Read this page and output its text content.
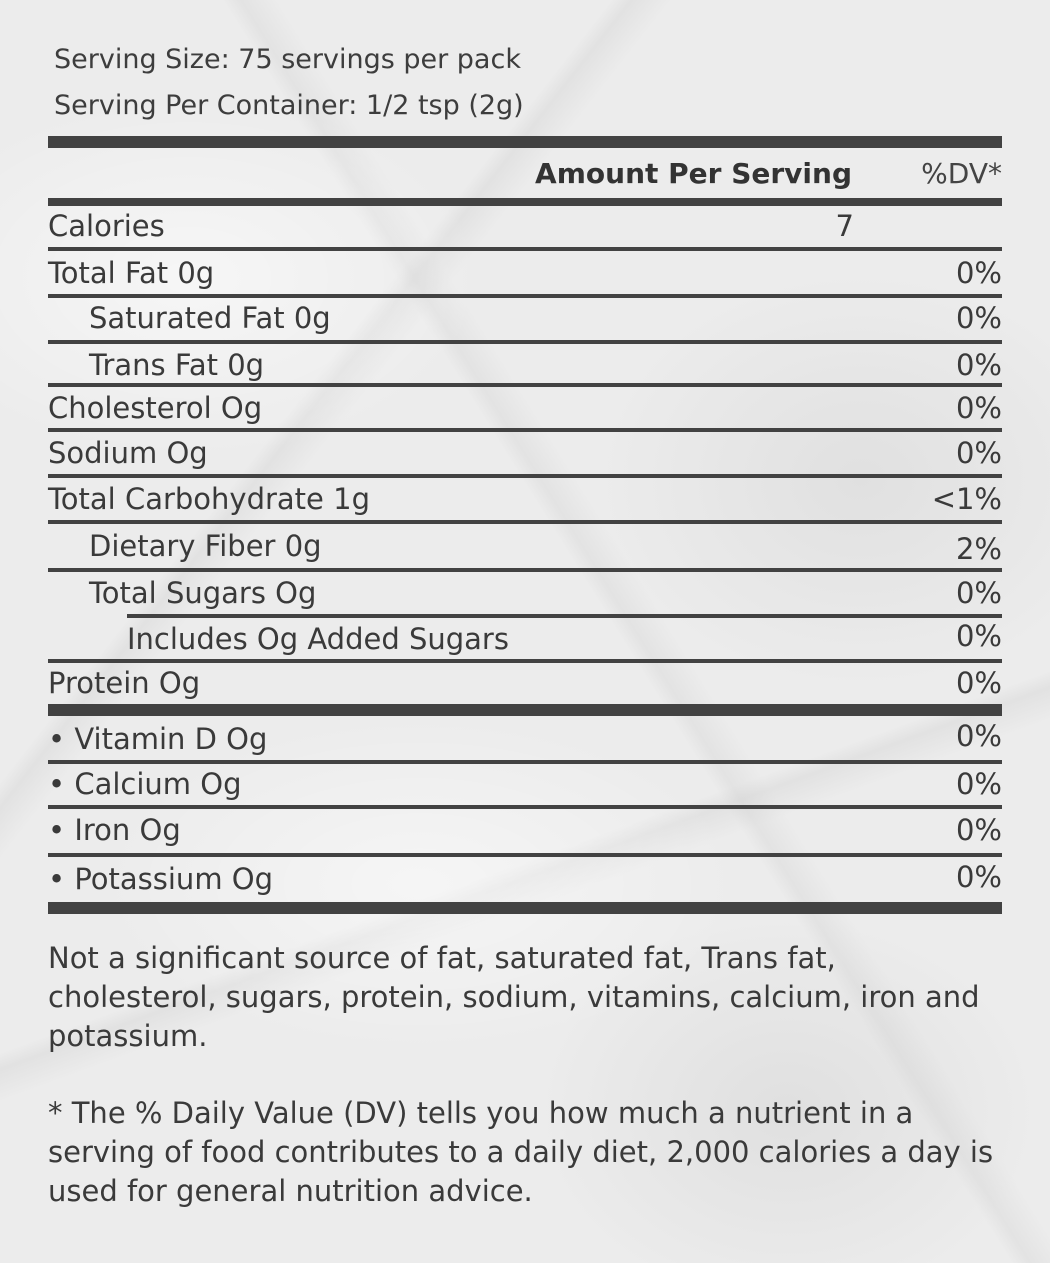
Serving Size: 75 servings per pack
Serving Per Container: 1/2 tsp (2g)
Amount Per Serving %DV*
Calories	7
Total Fat 0g	0%
Saturated Fat 0g	0%
Trans Fat 0g	0%
Cholesterol Og	0%
Sodium Og	0%
Total Carbohydrate 1g	<1%
Dietary Fiber 0g	2%
Total Sugars Og	0%
Includes Og Added Sugars	0%
Protein Og	0%
• Vitamin D Og	0%
• Calcium Og	0%
• Iron Og	0%
• Potassium Og	0%
Not a significant source of fat, saturated fat, Trans fat, cholesterol, sugars, protein, sodium, vitamins, calcium, iron and potassium.
* The % Daily Value (DV) tells you how much a nutrient in a serving of food contributes to a daily diet, 2,000 calories a day is used for general nutrition advice.
